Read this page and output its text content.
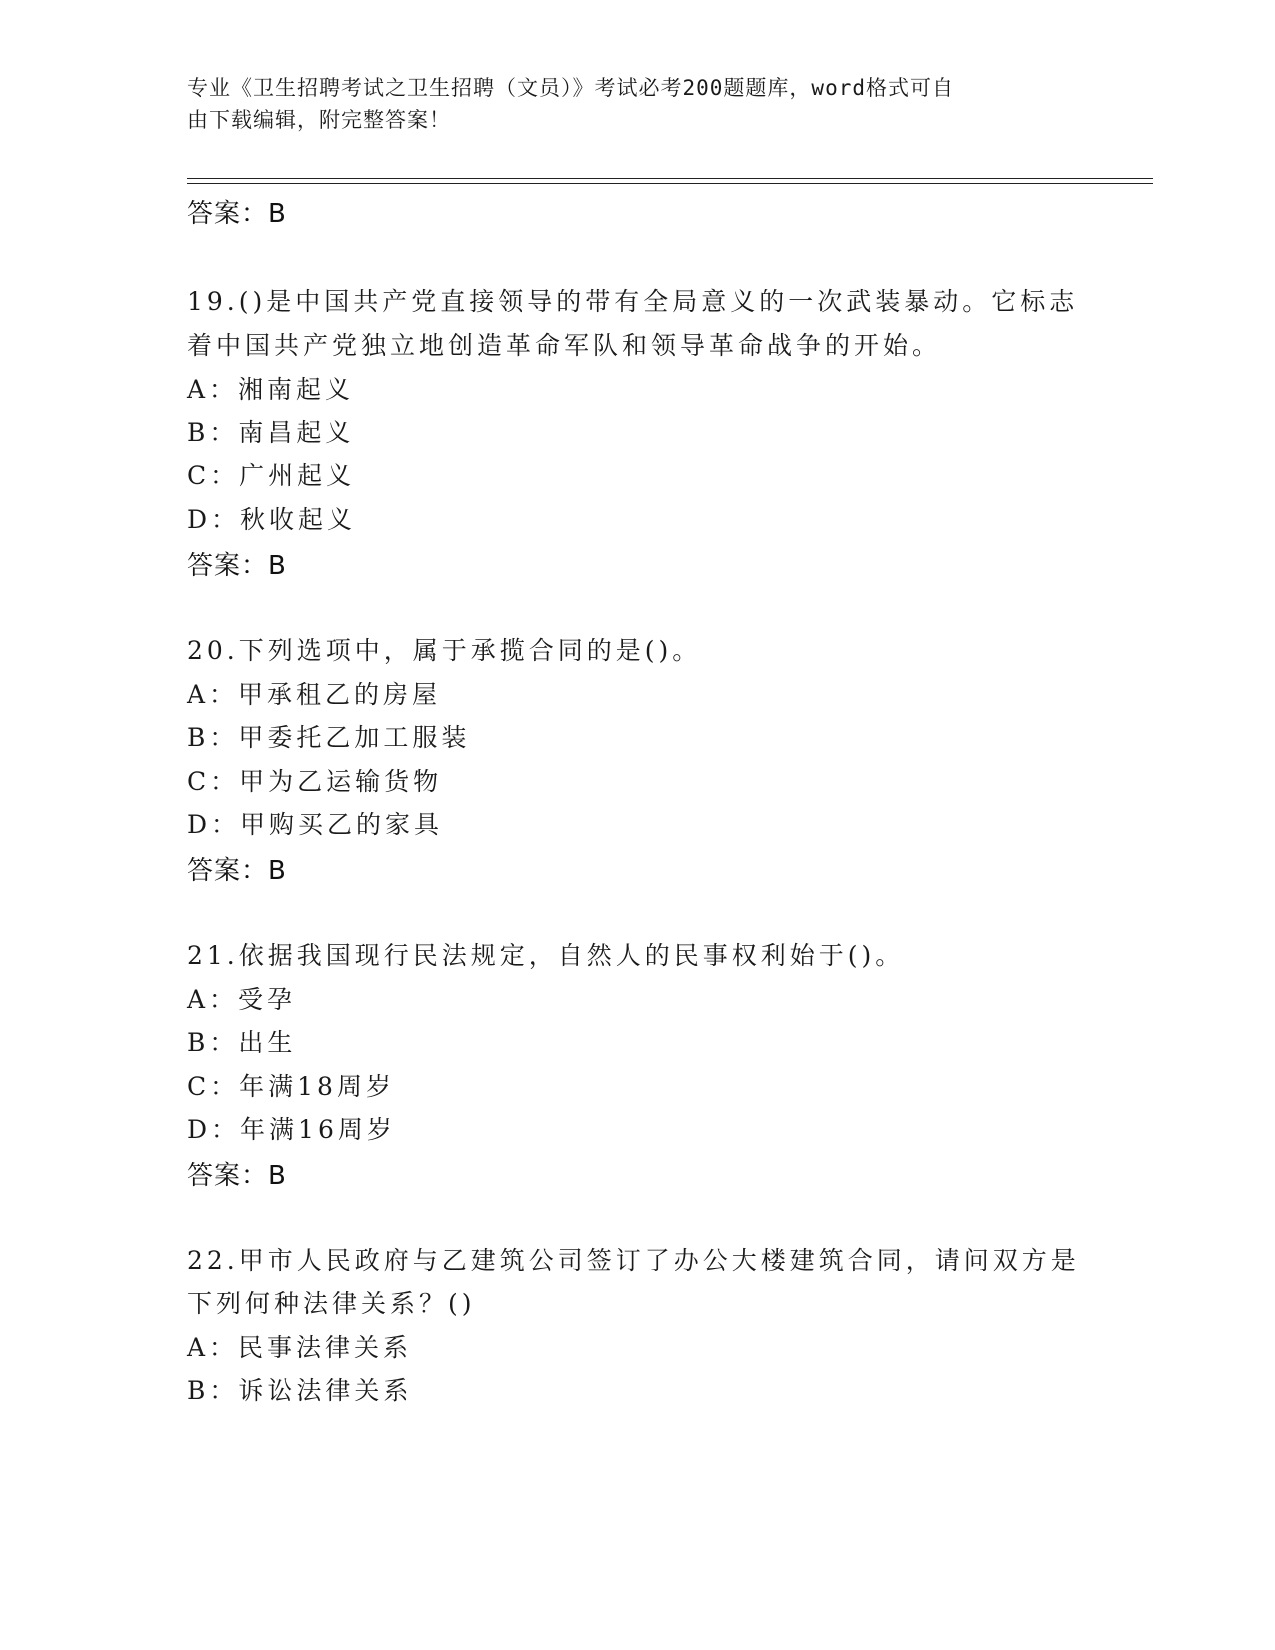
专业《卫生招聘考试之卫生招聘（文员）》考试必考200题题库，word格式可自
由下载编辑，附完整答案！
答案：B
19.()是中国共产党直接领导的带有全局意义的一次武装暴动。它标志
着中国共产党独立地创造革命军队和领导革命战争的开始。
A：湘南起义
B：南昌起义
C：广州起义
D：秋收起义
答案：B
20.下列选项中，属于承揽合同的是()。
A：甲承租乙的房屋
B：甲委托乙加工服装
C：甲为乙运输货物
D：甲购买乙的家具
答案：B
21.依据我国现行民法规定，自然人的民事权利始于()。
A：受孕
B：出生
C：年满18周岁
D：年满16周岁
答案：B
22.甲市人民政府与乙建筑公司签订了办公大楼建筑合同，请问双方是
下列何种法律关系？()
A：民事法律关系
B：诉讼法律关系
